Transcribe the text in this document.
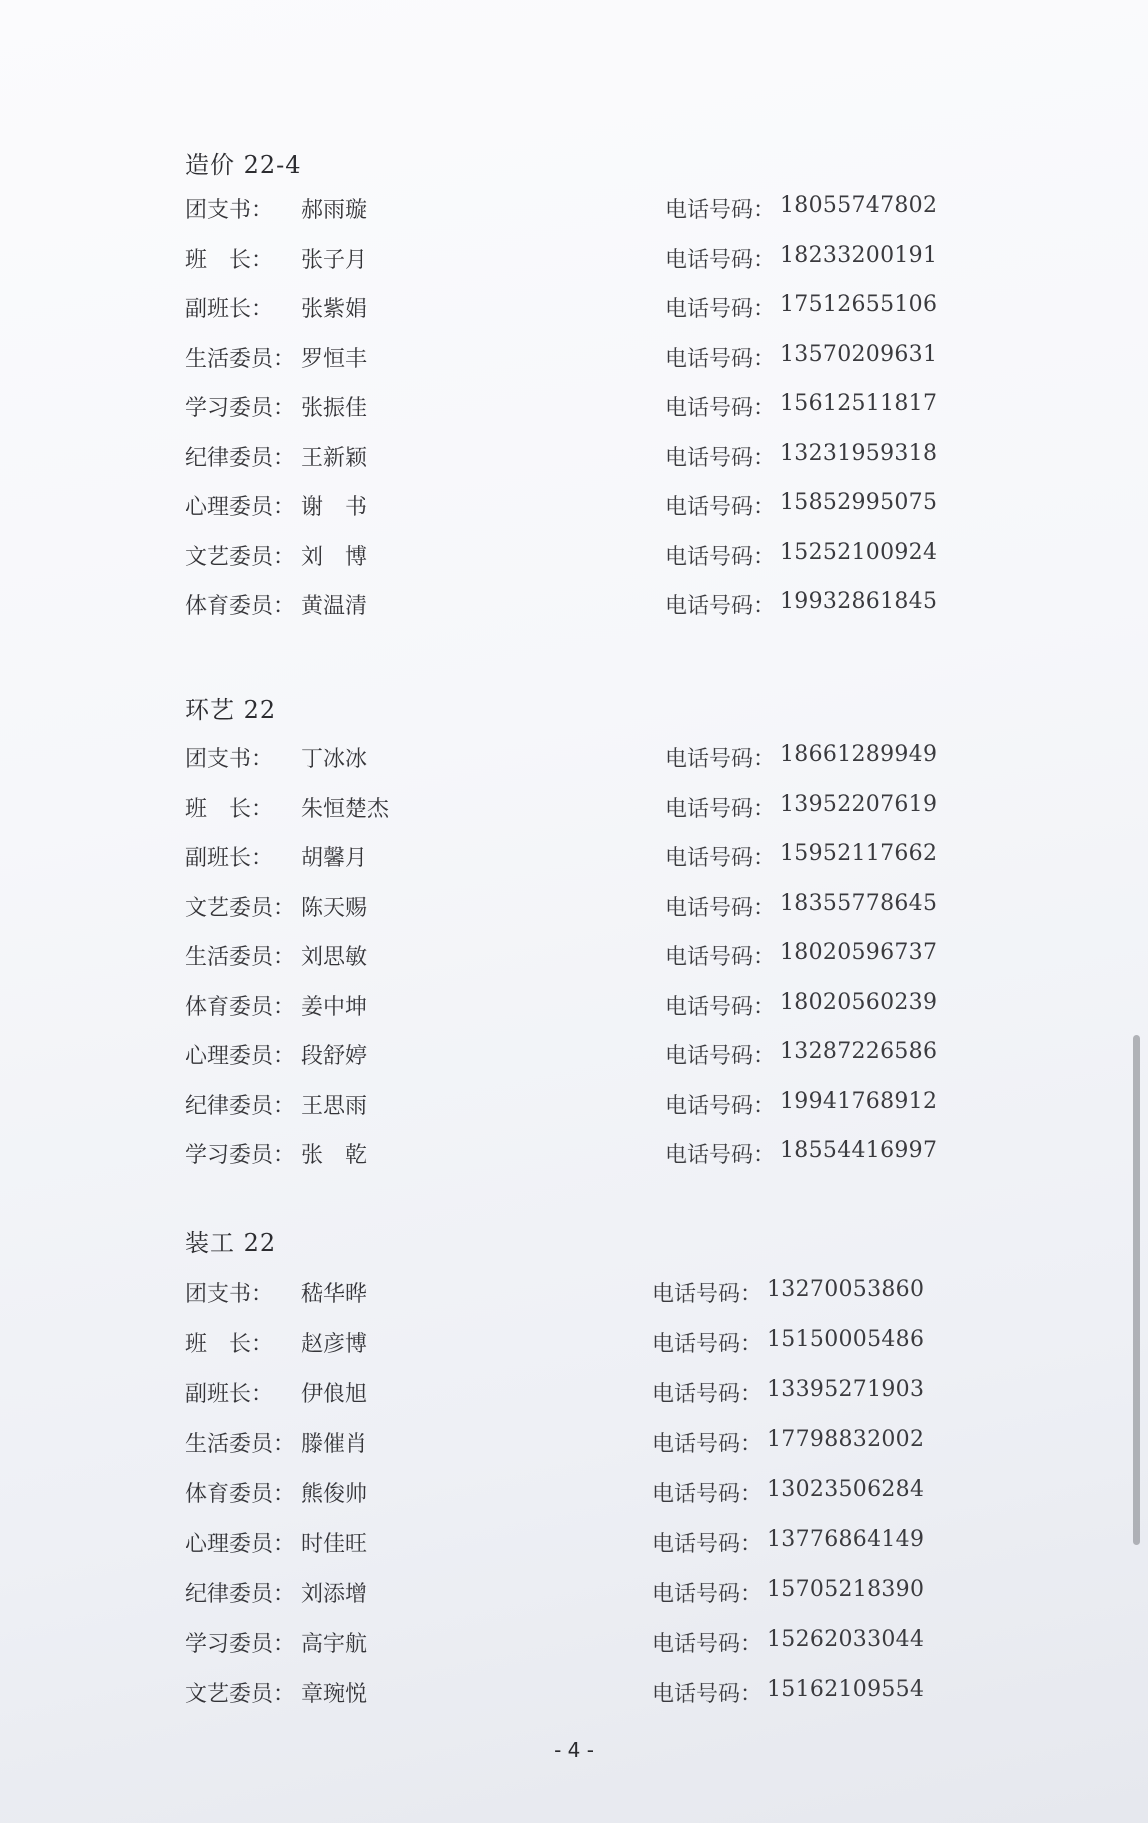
造价 22-4
团支书： 郝雨璇	电话号码： 18055747802
班　长： 张子月	电话号码： 18233200191
副班长： 张紫娟	电话号码： 17512655106
生活委员： 罗恒丰	电话号码： 13570209631
学习委员： 张振佳	电话号码： 15612511817
纪律委员： 王新颖	电话号码： 13231959318
心理委员： 谢　书	电话号码： 15852995075
文艺委员： 刘　博	电话号码： 15252100924
体育委员： 黄温清	电话号码： 19932861845
环艺 22
团支书： 丁冰冰	电话号码： 18661289949
班　长： 朱恒楚杰	电话号码： 13952207619
副班长： 胡馨月	电话号码： 15952117662
文艺委员： 陈天赐	电话号码： 18355778645
生活委员： 刘思敏	电话号码： 18020596737
体育委员： 姜中坤	电话号码： 18020560239
心理委员： 段舒婷	电话号码： 13287226586
纪律委员： 王思雨	电话号码： 19941768912
学习委员： 张　乾	电话号码： 18554416997
装工 22
团支书： 嵇华晔	电话号码： 13270053860
班　长： 赵彦博	电话号码： 15150005486
副班长： 伊俍旭	电话号码： 13395271903
生活委员： 滕催肖	电话号码： 17798832002
体育委员： 熊俊帅	电话号码： 13023506284
心理委员： 时佳旺	电话号码： 13776864149
纪律委员： 刘添增	电话号码： 15705218390
学习委员： 高宇航	电话号码： 15262033044
文艺委员： 章琬悦	电话号码： 15162109554
- 4 -
